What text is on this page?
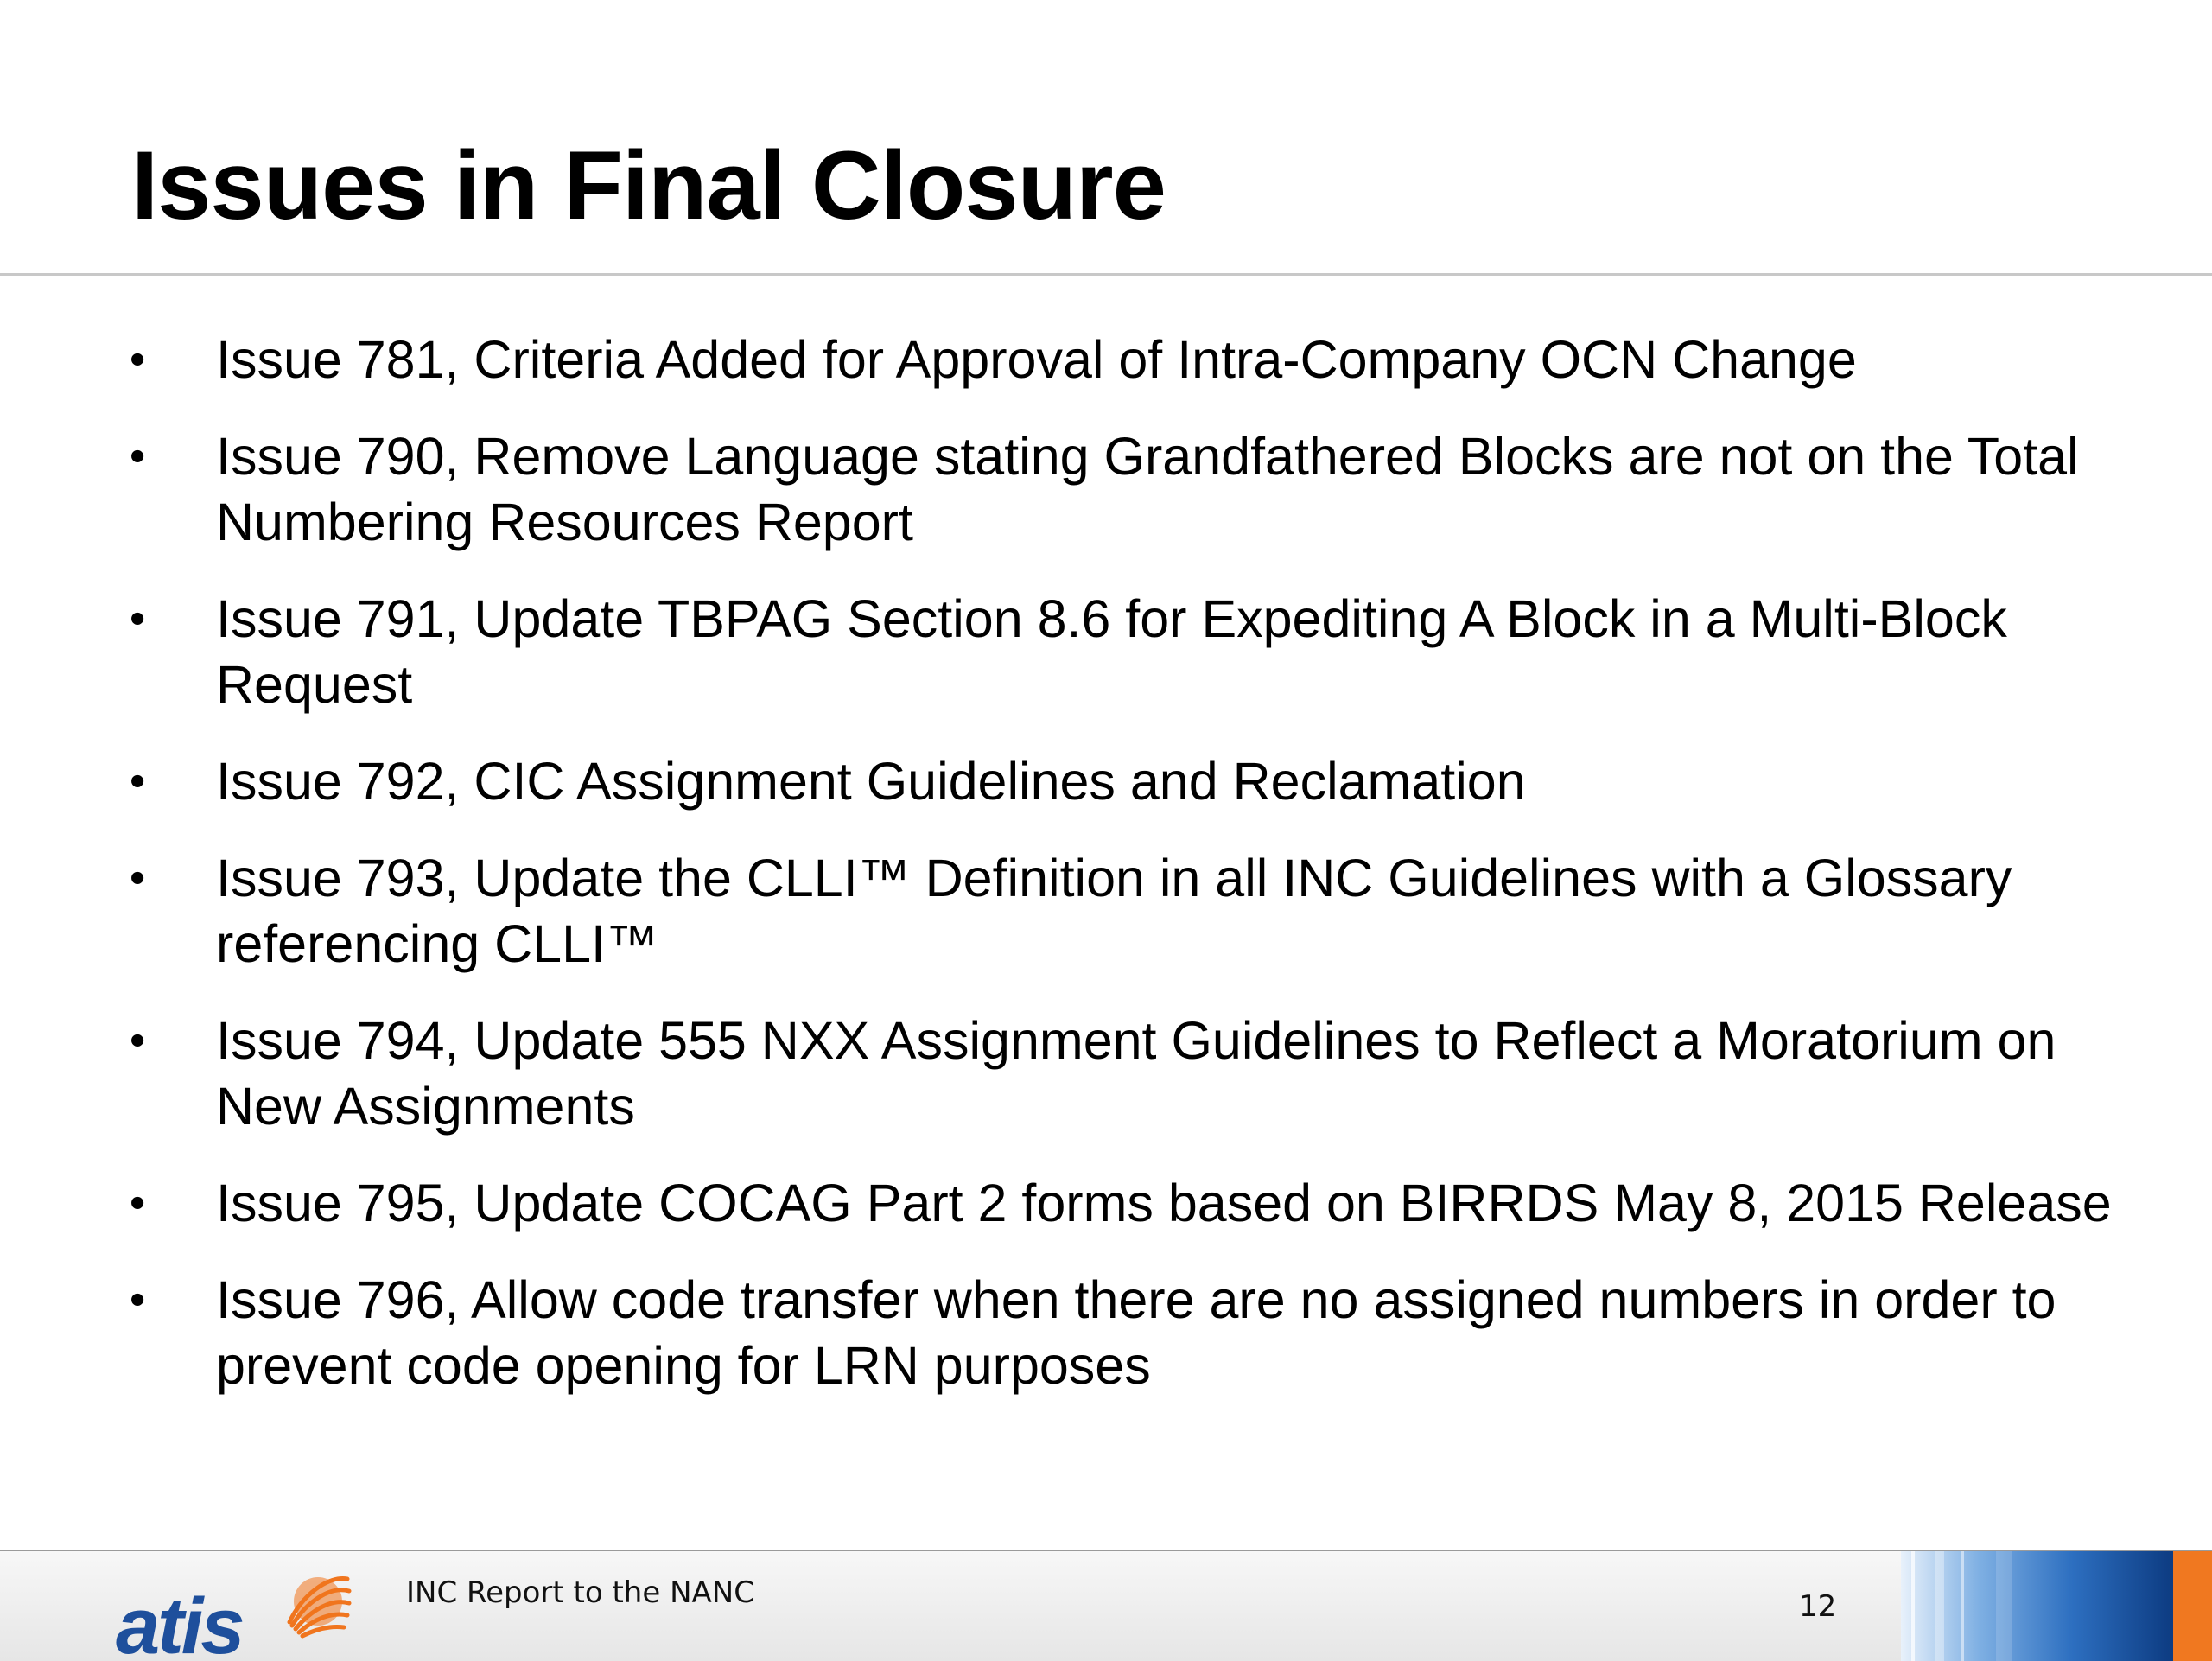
Issues in Final Closure
•	Issue 781, Criteria Added for Approval of Intra-Company OCN Change
•	Issue 790, Remove Language stating Grandfathered Blocks are not on the Total Numbering Resources Report
•	Issue 791, Update TBPAG Section 8.6 for Expediting A Block in a Multi-Block Request
•	Issue 792, CIC Assignment Guidelines and Reclamation
•	Issue 793, Update the CLLI™ Definition in all INC Guidelines with a Glossary referencing CLLI™
•	Issue 794, Update 555 NXX Assignment Guidelines to Reflect a Moratorium on New Assignments
•	Issue 795, Update COCAG Part 2 forms based on BIRRDS May 8, 2015 Release
•	Issue 796, Allow code transfer when there are no assigned numbers in order to prevent code opening for LRN purposes
atis	INC Report to the NANC	12
